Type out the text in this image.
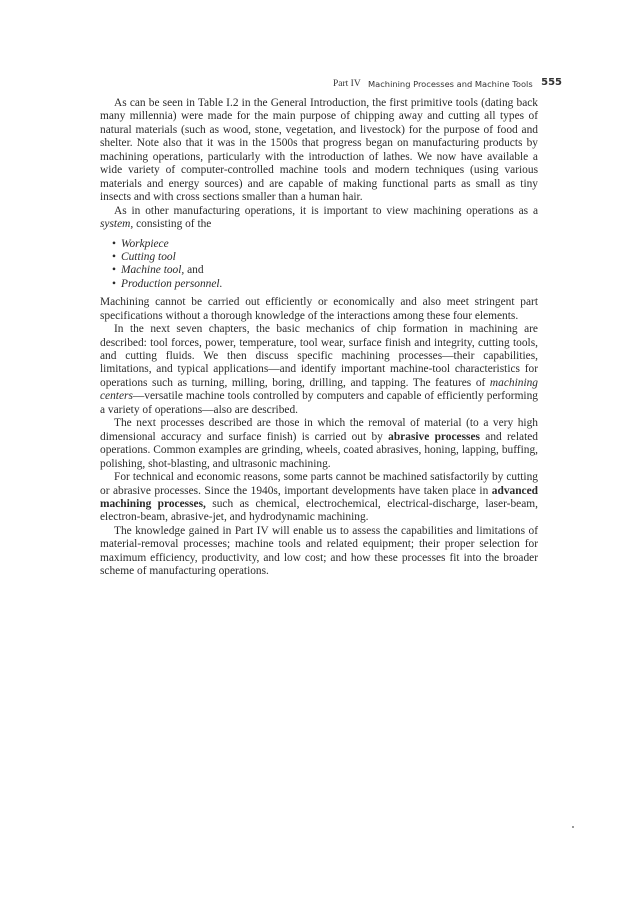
Part IV Machining Processes and Machine Tools 555

As can be seen in Table I.2 in the General Introduction, the first primitive tools (dating back many millennia) were made for the main purpose of chipping away and cutting all types of natural materials (such as wood, stone, vegetation, and livestock) for the purpose of food and shelter. Note also that it was in the 1500s that progress began on manufacturing products by machining operations, particularly with the introduction of lathes. We now have available a wide variety of computer-controlled machine tools and modern techniques (using various materials and energy sources) and are capable of making functional parts as small as tiny insects and with cross sections smaller than a human hair.

As in other manufacturing operations, it is important to view machining operations as a system, consisting of the

• Workpiece
• Cutting tool
• Machine tool, and
• Production personnel.

Machining cannot be carried out efficiently or economically and also meet stringent part specifications without a thorough knowledge of the interactions among these four elements.

In the next seven chapters, the basic mechanics of chip formation in machining are described: tool forces, power, temperature, tool wear, surface finish and integrity, cutting tools, and cutting fluids. We then discuss specific machining processes—their capabilities, limitations, and typical applications—and identify important machine-tool characteristics for operations such as turning, milling, boring, drilling, and tapping. The features of machining centers—versatile machine tools controlled by computers and capable of efficiently performing a variety of operations—also are described.

The next processes described are those in which the removal of material (to a very high dimensional accuracy and surface finish) is carried out by abrasive processes and related operations. Common examples are grinding, wheels, coated abrasives, honing, lapping, buffing, polishing, shot-blasting, and ultrasonic machining.

For technical and economic reasons, some parts cannot be machined satisfactorily by cutting or abrasive processes. Since the 1940s, important developments have taken place in advanced machining processes, such as chemical, electrochemical, electrical-discharge, laser-beam, electron-beam, abrasive-jet, and hydrodynamic machining.

The knowledge gained in Part IV will enable us to assess the capabilities and limitations of material-removal processes; machine tools and related equipment; their proper selection for maximum efficiency, productivity, and low cost; and how these processes fit into the broader scheme of manufacturing operations.
